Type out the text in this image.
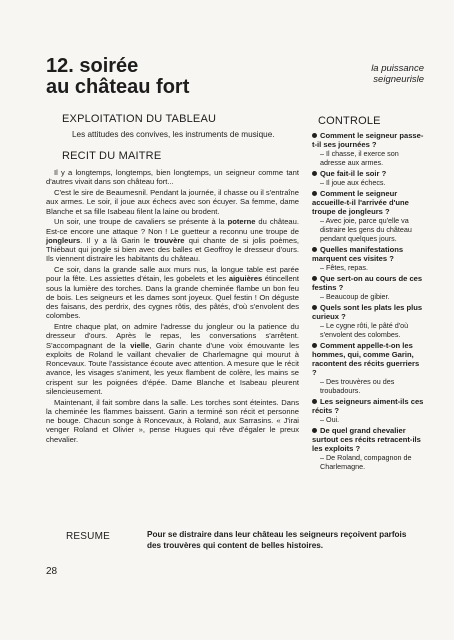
12. soirée
au château fort
la puissance
seigneurisle
EXPLOITATION DU TABLEAU
Les attitudes des convives, les instruments de musique.
RECIT DU MAITRE

Il y a longtemps, longtemps, bien longtemps, un seigneur comme tant d'autres vivait dans son château fort...

C'est le sire de Beaumesnil. Pendant la journée, il chasse ou il s'entraîne aux armes. Le soir, il joue aux échecs avec son écuyer. Sa femme, dame Blanche et sa fille Isabeau filent la laine ou brodent.

Un soir, une troupe de cavaliers se présente à la poterne du château. Est-ce encore une attaque ? Non ! Le guetteur a reconnu une troupe de jongleurs. Il y a là Garin le trouvère qui chante de si jolis poèmes, Thiébaut qui jongle si bien avec des balles et Geoffroy le dresseur d'ours. Ils viennent distraire les habitants du château.

Ce soir, dans la grande salle aux murs nus, la longue table est parée pour la fête. Les assiettes d'étain, les gobelets et les aiguières étincellent sous la lumière des torches. Dans la grande cheminée flambe un bon feu de bois. Les seigneurs et les dames sont joyeux. Quel festin ! On déguste des faisans, des perdrix, des cygnes rôtis, des pâtés, d'où s'envolent des colombes.

Entre chaque plat, on admire l'adresse du jongleur ou la patience du dresseur d'ours. Après le repas, les conversations s'arrêtent. S'accompagnant de la vielle, Garin chante d'une voix émouvante les exploits de Roland le vaillant chevalier de Charlemagne qui mourut à Roncevaux. Toute l'assistance écoute avec attention. A mesure que le récit avance, les visages s'animent, les yeux flambent de colère, les mains se crispent sur les poignées d'épée. Dame Blanche et Isabeau pleurent silencieusement.

Maintenant, il fait sombre dans la salle. Les torches sont éteintes. Dans la cheminée les flammes baissent. Garin a terminé son récit et personne ne bouge. Chacun songe à Roncevaux, à Roland, aux Sarrasins. « J'irai venger Roland et Olivier », pense Hugues qui rêve d'égaler le preux chevalier.

CONTROLE
Comment le seigneur passe-t-il ses journées ?
– Il chasse, il exerce son adresse aux armes.
Que fait-il le soir ?
– Il joue aux échecs.
Comment le seigneur accueille-t-il l'arrivée d'une troupe de jongleurs ?
– Avec joie, parce qu'elle va distraire les gens du château pendant quelques jours.
Quelles manifestations marquent ces visites ?
– Fêtes, repas.
Que sert-on au cours de ces festins ?
– Beaucoup de gibier.
Quels sont les plats les plus curieux ?
– Le cygne rôti, le pâté d'où s'envolent des colombes.
Comment appelle-t-on les hommes, qui, comme Garin, racontent des récits guerriers ?
– Des trouvères ou des troubadours.
Les seigneurs aiment-ils ces récits ?
– Oui.
De quel grand chevalier surtout ces récits retracent-ils les exploits ?
– De Roland, compagnon de Charlemagne.
RESUME	Pour se distraire dans leur château les seigneurs reçoivent parfois des trouvères qui content de belles histoires.
28
